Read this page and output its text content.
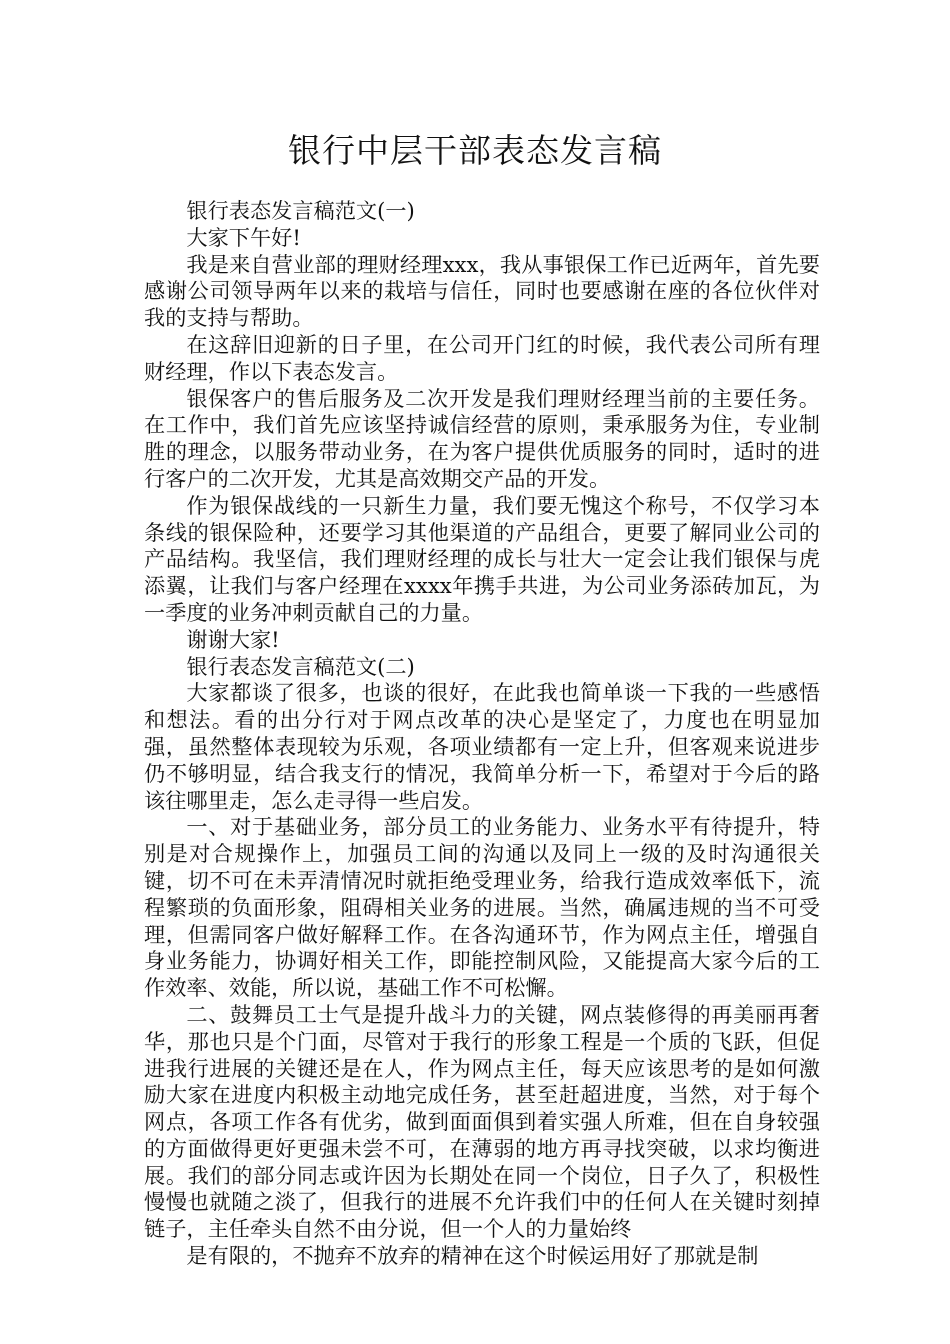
银行中层干部表态发言稿

银行表态发言稿范文(一)

大家下午好!

我是来自营业部的理财经理xxx，我从事银保工作已近两年，首先要感谢公司领导两年以来的栽培与信任，同时也要感谢在座的各位伙伴对我的支持与帮助。

在这辞旧迎新的日子里，在公司开门红的时候，我代表公司所有理财经理，作以下表态发言。

银保客户的售后服务及二次开发是我们理财经理当前的主要任务。在工作中，我们首先应该坚持诚信经营的原则，秉承服务为住，专业制胜的理念，以服务带动业务，在为客户提供优质服务的同时，适时的进行客户的二次开发，尤其是高效期交产品的开发。

作为银保战线的一只新生力量，我们要无愧这个称号，不仅学习本条线的银保险种，还要学习其他渠道的产品组合，更要了解同业公司的产品结构。我坚信，我们理财经理的成长与壮大一定会让我们银保与虎添翼，让我们与客户经理在xxxx年携手共进，为公司业务添砖加瓦，为一季度的业务冲刺贡献自己的力量。

谢谢大家!

银行表态发言稿范文(二)

大家都谈了很多，也谈的很好，在此我也简单谈一下我的一些感悟和想法。看的出分行对于网点改革的决心是坚定了，力度也在明显加强，虽然整体表现较为乐观，各项业绩都有一定上升，但客观来说进步仍不够明显，结合我支行的情况，我简单分析一下，希望对于今后的路该往哪里走，怎么走寻得一些启发。

一、对于基础业务，部分员工的业务能力、业务水平有待提升，特别是对合规操作上，加强员工间的沟通以及同上一级的及时沟通很关键，切不可在未弄清情况时就拒绝受理业务，给我行造成效率低下，流程繁琐的负面形象，阻碍相关业务的进展。当然，确属违规的当不可受理，但需同客户做好解释工作。在各沟通环节，作为网点主任，增强自身业务能力，协调好相关工作，即能控制风险，又能提高大家今后的工作效率、效能，所以说，基础工作不可松懈。

二、鼓舞员工士气是提升战斗力的关键，网点装修得的再美丽再奢华，那也只是个门面，尽管对于我行的形象工程是一个质的飞跃，但促进我行进展的关键还是在人，作为网点主任，每天应该思考的是如何激励大家在进度内积极主动地完成任务，甚至赶超进度，当然，对于每个网点，各项工作各有优劣，做到面面俱到着实强人所难，但在自身较强的方面做得更好更强未尝不可，在薄弱的地方再寻找突破，以求均衡进展。我们的部分同志或许因为长期处在同一个岗位，日子久了，积极性慢慢也就随之淡了，但我行的进展不允许我们中的任何人在关键时刻掉链子，主任牵头自然不由分说，但一个人的力量始终

是有限的，不抛弃不放弃的精神在这个时候运用好了那就是制
